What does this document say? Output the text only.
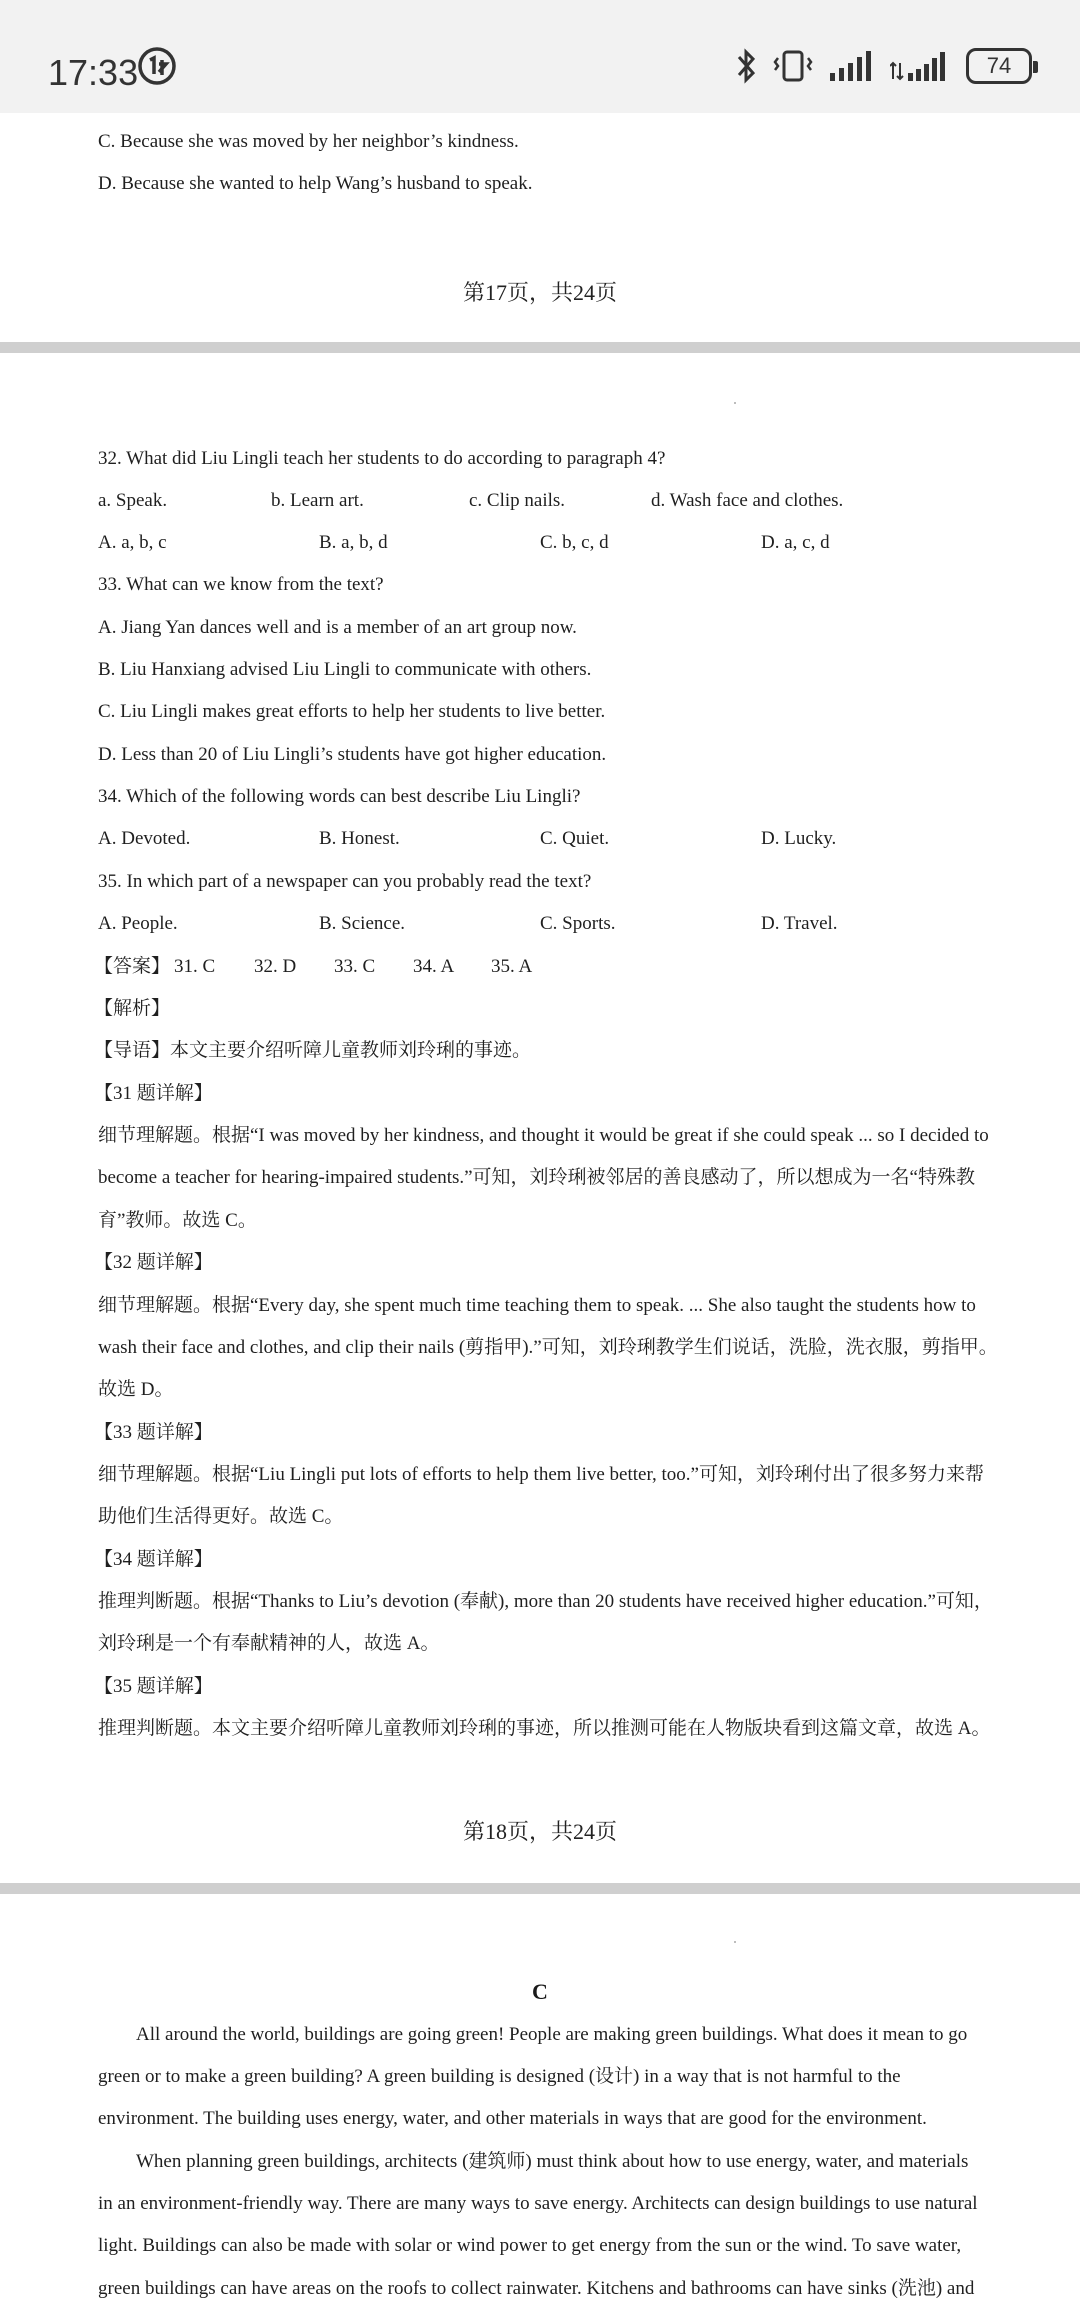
17:33	74
C. Because she was moved by her neighbor’s kindness.
D. Because she wanted to help Wang’s husband to speak.
第17页，共24页
32. What did Liu Lingli teach her students to do according to paragraph 4?
a. Speak.	b. Learn art.	c. Clip nails.	d. Wash face and clothes.
A. a, b, c	B. a, b, d	C. b, c, d	D. a, c, d
33. What can we know from the text?
A. Jiang Yan dances well and is a member of an art group now.
B. Liu Hanxiang advised Liu Lingli to communicate with others.
C. Liu Lingli makes great efforts to help her students to live better.
D. Less than 20 of Liu Lingli’s students have got higher education.
34. Which of the following words can best describe Liu Lingli?
A. Devoted.	B. Honest.	C. Quiet.	D. Lucky.
35. In which part of a newspaper can you probably read the text?
A. People.	B. Science.	C. Sports.	D. Travel.
【答案】 31. C 32. D 33. C 34. A 35. A
【解析】
【导语】本文主要介绍听障儿童教师刘玲琍的事迹。
【31 题详解】
细节理解题。根据“I was moved by her kindness, and thought it would be great if she could speak ... so I decided to
become a teacher for hearing-impaired students.”可知，刘玲琍被邻居的善良感动了，所以想成为一名“特殊教
育”教师。故选 C。
【32 题详解】
细节理解题。根据“Every day, she spent much time teaching them to speak. ... She also taught the students how to
wash their face and clothes, and clip their nails (剪指甲).”可知，刘玲琍教学生们说话，洗脸，洗衣服，剪指甲。
故选 D。
【33 题详解】
细节理解题。根据“Liu Lingli put lots of efforts to help them live better, too.”可知，刘玲琍付出了很多努力来帮
助他们生活得更好。故选 C。
【34 题详解】
推理判断题。根据“Thanks to Liu’s devotion (奉献), more than 20 students have received higher education.”可知，
刘玲琍是一个有奉献精神的人，故选 A。
【35 题详解】
推理判断题。本文主要介绍听障儿童教师刘玲琍的事迹，所以推测可能在人物版块看到这篇文章，故选 A。
第18页，共24页
C
All around the world, buildings are going green! People are making green buildings. What does it mean to go
green or to make a green building? A green building is designed (设计) in a way that is not harmful to the
environment. The building uses energy, water, and other materials in ways that are good for the environment.
When planning green buildings, architects (建筑师) must think about how to use energy, water, and materials
in an environment-friendly way. There are many ways to save energy. Architects can design buildings to use natural
light. Buildings can also be made with solar or wind power to get energy from the sun or the wind. To save water,
green buildings can have areas on the roofs to collect rainwater. Kitchens and bathrooms can have sinks (洗池) and
